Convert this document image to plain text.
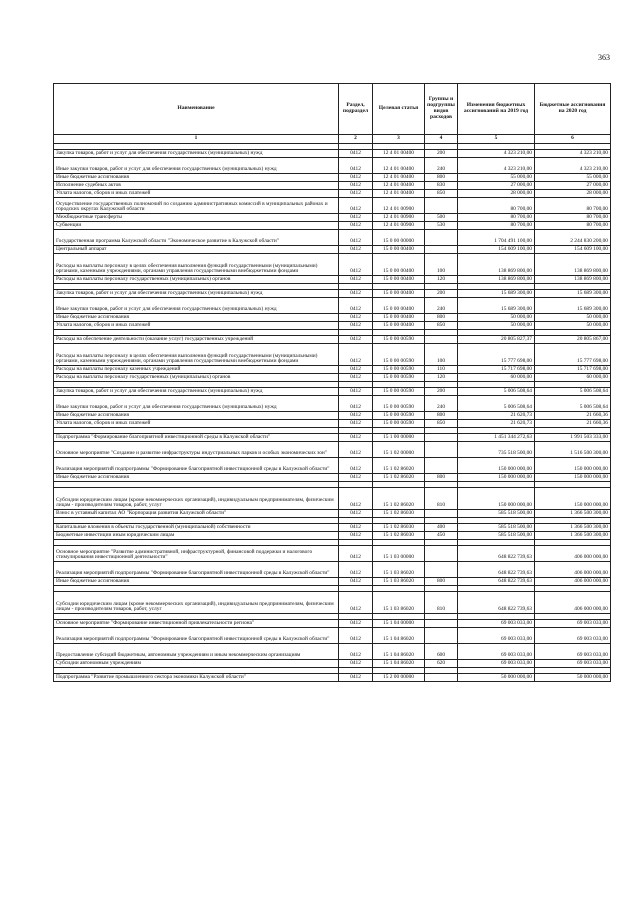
363
Наименование	Раздел, подраздел	Целевая статья	Группы и подгруппы видов расходов	Изменения бюджетных ассигнований на 2019 год	Бюджетные ассигнования на 2020 год
1	2	3	4	5	6

Закупка товаров, работ и услуг для обеспечения государственных (муниципальных) нужд	0412	12 4 01 00400	200	4 323 210,00	4 323 210,00
Иные закупки товаров, работ и услуг для обеспечения государственных (муниципальных) нужд	0412	12 4 01 00400	240	4 323 210,00	4 323 210,00
Иные бюджетные ассигнования	0412	12 4 01 00400	800	55 000,00	55 000,00
Исполнение судебных актов	0412	12 4 01 00400	830	27 000,00	27 000,00
Уплата налогов, сборов и иных платежей	0412	12 4 01 00400	850	28 000,00	28 000,00
Осуществление государственных полномочий по созданию административных комиссий в муниципальных районах и городских округах Калужской области	0412	12 4 01 00900		80 700,00	80 700,00
Межбюджетные трансферты	0412	12 4 01 00900	500	80 700,00	80 700,00
Субвенции	0412	12 4 01 00900	530	80 700,00	80 700,00
Государственная программа Калужской области "Экономическое развитие в Калужской области"	0412	15 0 00 00000		1 704 491 100,00	2 244 830 200,00
Центральный аппарат	0412	15 0 00 00400		154 609 100,00	154 609 100,00
Расходы на выплаты персоналу в целях обеспечения выполнения функций государственными (муниципальными) органами, казенными учреждениями, органами управления государственными внебюджетными фондами	0412	15 0 00 00400	100	138 869 800,00	138 869 800,00
Расходы на выплаты персоналу государственных (муниципальных) органов	0412	15 0 00 00400	120	138 869 800,00	138 869 800,00

Закупка товаров, работ и услуг для обеспечения государственных (муниципальных) нужд	0412	15 0 00 00400	200	15 689 300,00	15 689 300,00
Иные закупки товаров, работ и услуг для обеспечения государственных (муниципальных) нужд	0412	15 0 00 00400	240	15 689 300,00	15 689 300,00
Иные бюджетные ассигнования	0412	15 0 00 00400	800	50 000,00	50 000,00
Уплата налогов, сборов и иных платежей	0412	15 0 00 00400	850	50 000,00	50 000,00

Расходы на обеспечение деятельности (оказание услуг) государственных учреждений	0412	15 0 00 00590		20 805 827,37	20 805 867,00
Расходы на выплаты персоналу в целях обеспечения выполнения функций государственными (муниципальными) органами, казенными учреждениями, органами управления государственными внебюджетными фондами	0412	15 0 00 00590	100	15 777 698,00	15 777 698,00
Расходы на выплаты персоналу казенных учреждений	0412	15 0 00 00590	110	15 717 698,00	15 717 698,00
Расходы на выплаты персоналу государственных (муниципальных) органов	0412	15 0 00 00590	120	60 000,00	60 000,00

Закупка товаров, работ и услуг для обеспечения государственных (муниципальных) нужд	0412	15 0 00 00590	200	5 006 508,64	5 006 508,64
Иные закупки товаров, работ и услуг для обеспечения государственных (муниципальных) нужд	0412	15 0 00 00590	240	5 006 508,64	5 006 508,64
Иные бюджетные ассигнования	0412	15 0 00 00590	800	21 620,73	21 660,36
Уплата налогов, сборов и иных платежей	0412	15 0 00 00590	850	21 620,73	21 660,36

Подпрограмма "Формирование благоприятной инвестиционной среды в Калужской области"	0412	15 1 00 00000		1 451 344 272,63	1 991 503 333,00
Основное мероприятие "Создание и развитие инфраструктуры индустриальных парков и особых экономических зон"	0412	15 1 02 00000		735 518 500,00	1 516 500 300,00
Реализация мероприятий подпрограммы "Формирование благоприятной инвестиционной среды в Калужской области"	0412	15 1 02 86020		150 000 000,00	150 000 000,00
Иные бюджетные ассигнования	0412	15 1 02 86020	800	150 000 000,00	150 000 000,00

Субсидии юридическим лицам (кроме некоммерческих организаций), индивидуальным предпринимателям, физическим лицам - производителям товаров, работ, услуг	0412	15 1 02 86020	810	150 000 000,00	150 000 000,00
Взнос в уставный капитал АО "Корпорация развития Калужской области"	0412	15 1 02 86030		585 518 500,00	1 366 500 300,00

Капитальные вложения в объекты государственной (муниципальной) собственности	0412	15 1 02 86030	400	585 518 500,00	1 366 500 300,00
Бюджетные инвестиции иным юридическим лицам	0412	15 1 02 86030	450	585 518 500,00	1 366 500 300,00

Основное мероприятие "Развитие административной, инфраструктурной, финансовой поддержки и налогового стимулирования инвестиционной деятельности"	0412	15 1 03 00000		648 822 739,63	406 000 000,00
Реализация мероприятий подпрограммы "Формирование благоприятной инвестиционной среды в Калужской области"	0412	15 1 03 86020		648 822 739,63	406 000 000,00
Иные бюджетные ассигнования	0412	15 1 03 86020	800	648 822 739,63	406 000 000,00

Субсидии юридическим лицам (кроме некоммерческих организаций), индивидуальным предпринимателям, физическим лицам - производителям товаров, работ, услуг	0412	15 1 03 86020	810	648 822 739,63	406 000 000,00

Основное мероприятие "Формирование инвестиционной привлекательности региона"	0412	15 1 04 00000		69 003 033,00	69 003 033,00
Реализация мероприятий подпрограммы "Формирование благоприятной инвестиционной среды в Калужской области"	0412	15 1 04 86020		69 003 033,00	69 003 033,00
Предоставление субсидий бюджетным, автономным учреждениям и иным некоммерческим организациям	0412	15 1 04 86020	600	69 003 033,00	69 003 033,00
Субсидии автономным учреждениям	0412	15 1 04 86020	620	69 003 033,00	69 003 033,00

Подпрограмма "Развитие промышленного сектора экономики Калужской области"	0412	15 2 00 00000		50 000 000,00	50 000 000,00
